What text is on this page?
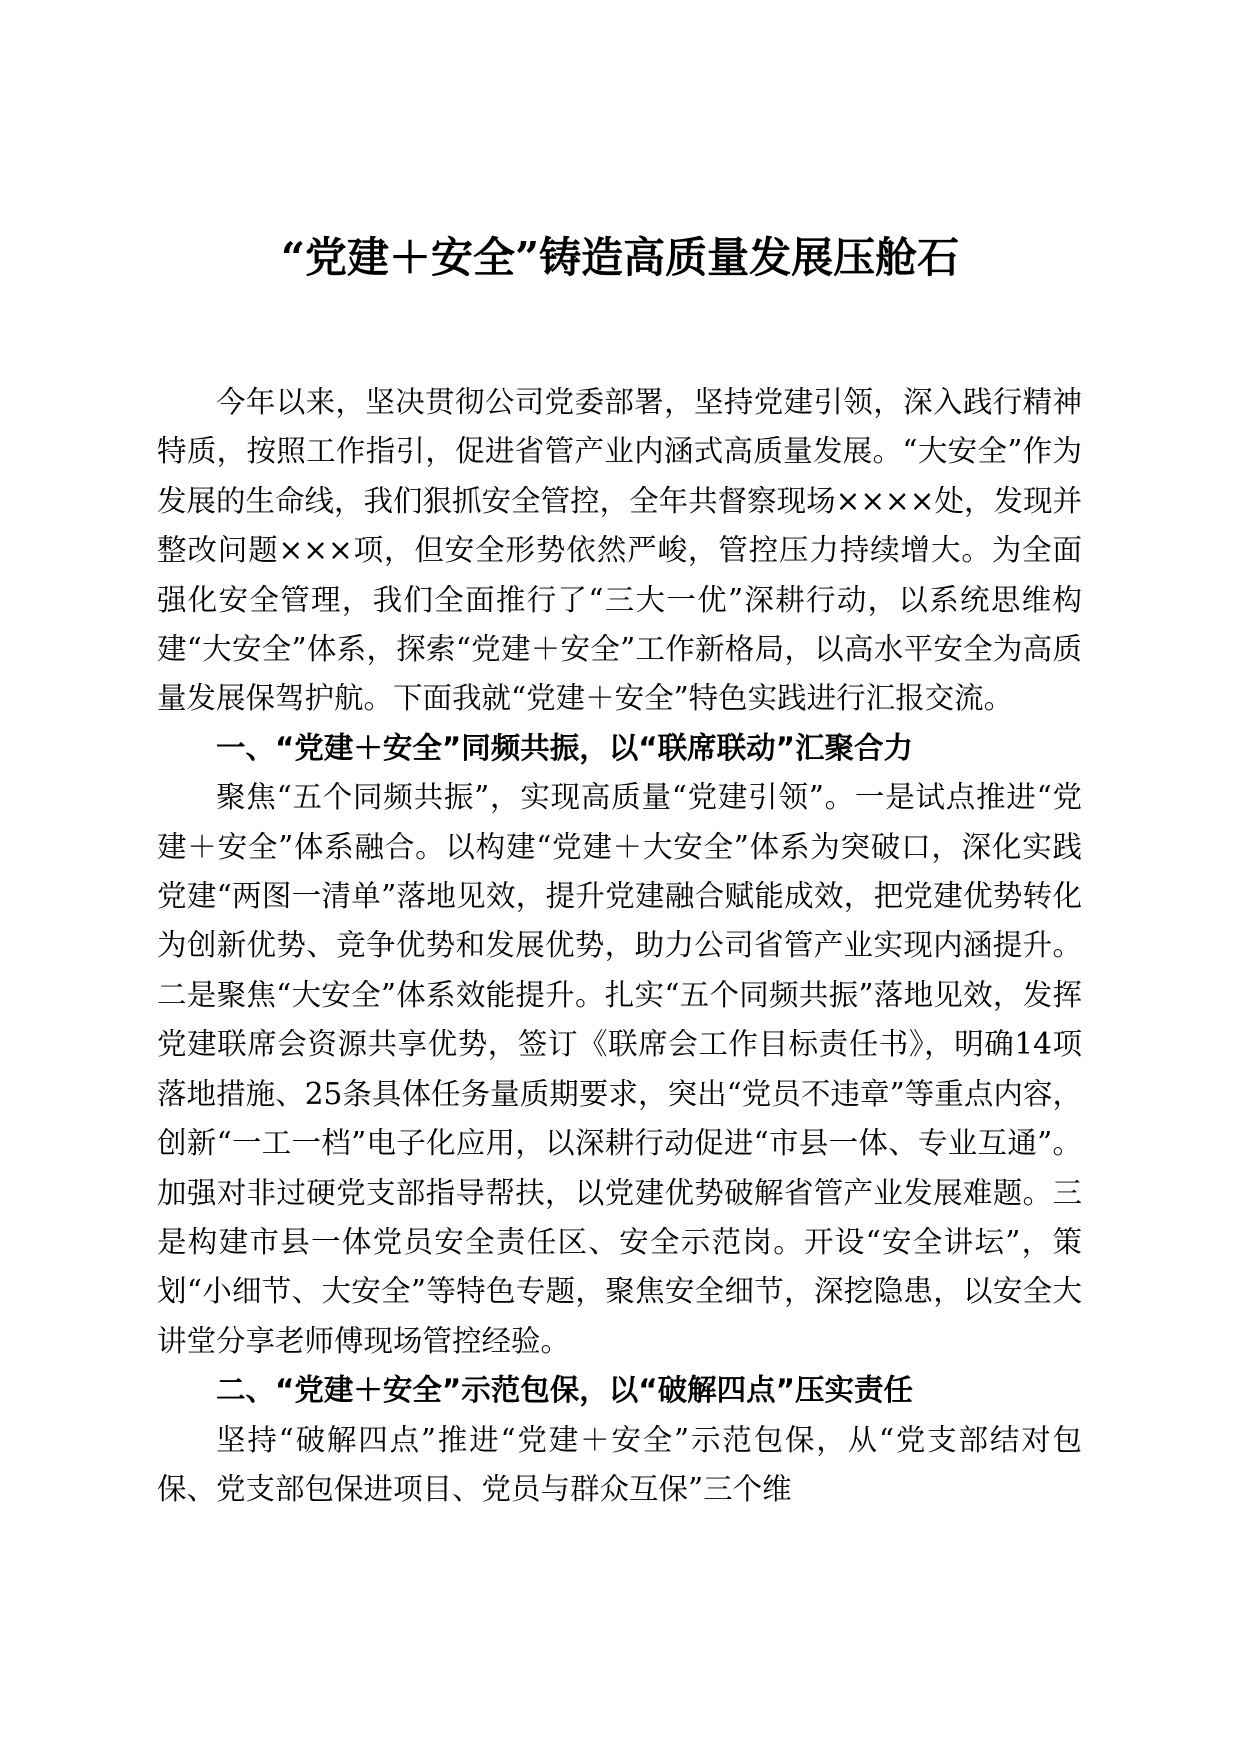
“党建＋安全”铸造高质量发展压舱石

今年以来，坚决贯彻公司党委部署，坚持党建引领，深入践行精神特质，按照工作指引，促进省管产业内涵式高质量发展。“大安全”作为发展的生命线，我们狠抓安全管控，全年共督察现场××××处，发现并整改问题×××项，但安全形势依然严峻，管控压力持续增大。为全面强化安全管理，我们全面推行了“三大一优”深耕行动，以系统思维构建“大安全”体系，探索“党建＋安全”工作新格局，以高水平安全为高质量发展保驾护航。下面我就“党建＋安全”特色实践进行汇报交流。

一、“党建＋安全”同频共振，以“联席联动”汇聚合力

聚焦“五个同频共振”，实现高质量“党建引领”。一是试点推进“党建＋安全”体系融合。以构建“党建＋大安全”体系为突破口，深化实践党建“两图一清单”落地见效，提升党建融合赋能成效，把党建优势转化为创新优势、竞争优势和发展优势，助力公司省管产业实现内涵提升。二是聚焦“大安全”体系效能提升。扎实“五个同频共振”落地见效，发挥党建联席会资源共享优势，签订《联席会工作目标责任书》，明确14项落地措施、25条具体任务量质期要求，突出“党员不违章”等重点内容，创新“一工一档”电子化应用，以深耕行动促进“市县一体、专业互通”。加强对非过硬党支部指导帮扶，以党建优势破解省管产业发展难题。三是构建市县一体党员安全责任区、安全示范岗。开设“安全讲坛”，策划“小细节、大安全”等特色专题，聚焦安全细节，深挖隐患，以安全大讲堂分享老师傅现场管控经验。

二、“党建＋安全”示范包保，以“破解四点”压实责任

坚持“破解四点”推进“党建＋安全”示范包保，从“党支部结对包保、党支部包保进项目、党员与群众互保”三个维
